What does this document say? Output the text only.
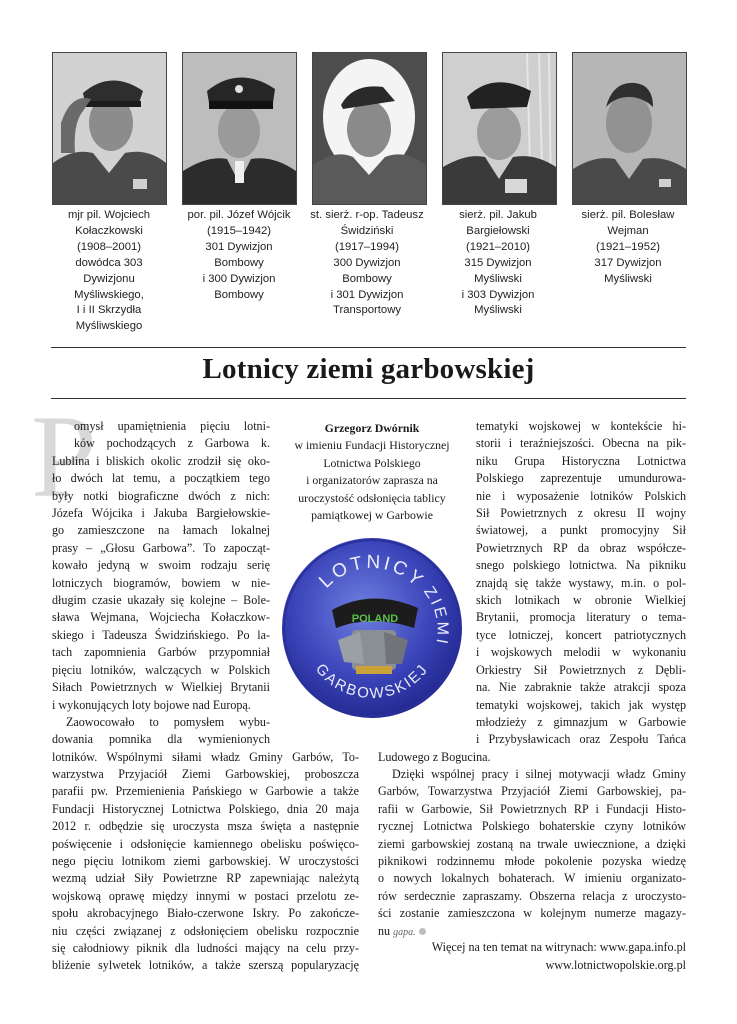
mjr pil. Wojciech
Kołaczkowski
(1908–2001)
dowódca 303
Dywizjonu
Myśliwskiego,
I i II Skrzydła
Myśliwskiego
por. pil. Józef Wójcik
(1915–1942)
301 Dywizjon
Bombowy
i 300 Dywizjon
Bombowy
st. sierż. r-op. Tadeusz
Świdziński
(1917–1994)
300 Dywizjon
Bombowy
i 301 Dywizjon
Transportowy
sierż. pil. Jakub
Bargiełowski
(1921–2010)
315 Dywizjon
Myśliwski
i 303 Dywizjon
Myśliwski
sierż. pil. Bolesław
Wejman
(1921–1952)
317 Dywizjon
Myśliwski
Lotnicy ziemi garbowskiej
P
omysł upamiętnienia pięciu lotni-
ków pochodzących z Garbowa k.
Lublina i bliskich okolic zrodził się oko-
ło dwóch lat temu, a początkiem tego
były notki biograficzne dwóch z nich:
Józefa Wójcika i Jakuba Bargiełowskie-
go zamieszczone na łamach lokalnej
prasy – „Głosu Garbowa”. To zapocząt-
kowało jedyną w swoim rodzaju serię
lotniczych biogramów, bowiem w nie-
długim czasie ukazały się kolejne – Bole-
sława Wejmana, Wojciecha Kołaczkow-
skiego i Tadeusza Świdzińskiego. Po la-
tach zapomnienia Garbów przypomniał
pięciu lotników, walczących w Polskich
Siłach Powietrznych w Wielkiej Brytanii
i wykonujących loty bojowe nad Europą.
Zaowocowało to pomysłem wybu-
dowania pomnika dla wymienionych
lotników. Wspólnymi siłami władz Gminy Garbów, To-
warzystwa Przyjaciół Ziemi Garbowskiej, proboszcza
parafii pw. Przemienienia Pańskiego w Garbowie a także
Fundacji Historycznej Lotnictwa Polskiego, dnia 20 maja
2012 r. odbędzie się uroczysta msza święta a następnie
poświęcenie i odsłonięcie kamiennego obelisku poświęco-
nego pięciu lotnikom ziemi garbowskiej. W uroczystości
wezmą udział Siły Powietrzne RP zapewniając należytą
wojskową oprawę między innymi w postaci przelotu ze-
społu akrobacyjnego Biało-czerwone Iskry. Po zakończe-
niu części związanej z odsłonięciem obelisku rozpocznie
się całodniowy piknik dla ludności mający na celu przy-
bliżenie sylwetek lotników, a także szerszą popularyzację
Grzegorz Dwórnik
w imieniu Fundacji Historycznej
Lotnictwa Polskiego
i organizatorów zaprasza na
uroczystość odsłonięcia tablicy
pamiątkowej w Garbowie
POLAND
LOTNICY
ZIEMI
GARBOWSKIEJ
tematyki wojskowej w kontekście hi-
storii i teraźniejszości. Obecna na pik-
niku Grupa Historyczna Lotnictwa
Polskiego zaprezentuje umundurowa-
nie i wyposażenie lotników Polskich
Sił Powietrznych z okresu II wojny
światowej, a punkt promocyjny Sił
Powietrznych RP da obraz współcze-
snego polskiego lotnictwa. Na pikniku
znajdą się także wystawy, m.in. o pol-
skich lotnikach w obronie Wielkiej
Brytanii, promocja literatury o tema-
tyce lotniczej, koncert patriotycznych
i wojskowych melodii w wykonaniu
Orkiestry Sił Powietrznych z Dębli-
na. Nie zabraknie także atrakcji spoza
tematyki wojskowej, takich jak występ
młodzieży z gimnazjum w Garbowie
i Przybysławicach oraz Zespołu Tańca
Ludowego z Bogucina.
Dzięki wspólnej pracy i silnej motywacji władz Gminy
Garbów, Towarzystwa Przyjaciół Ziemi Garbowskiej, pa-
rafii w Garbowie, Sił Powietrznych RP i Fundacji Histo-
rycznej Lotnictwa Polskiego bohaterskie czyny lotników
ziemi garbowskiej zostaną na trwale uwiecznione, a dzięki
piknikowi rodzinnemu młode pokolenie pozyska wiedzę
o nowych lokalnych bohaterach. W imieniu organizato-
rów serdecznie zapraszamy. Obszerna relacja z uroczysto-
ści zostanie zamieszczona w kolejnym numerze magazy-
nu gapa.
Więcej na ten temat na witrynach: www.gapa.info.pl
www.lotnictwopolskie.org.pl
